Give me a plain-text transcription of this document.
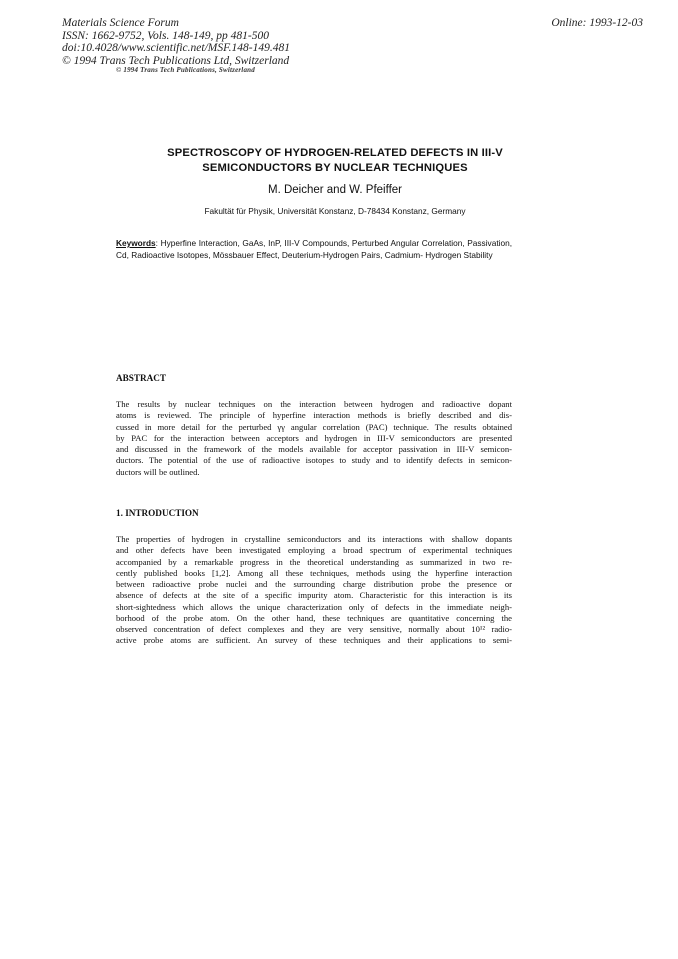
Materials Science Forum
ISSN: 1662-9752, Vols. 148-149, pp 481-500
doi:10.4028/www.scientific.net/MSF.148-149.481
© 1994 Trans Tech Publications Ltd, Switzerland
Online: 1993-12-03
© 1994 Trans Tech Publications, Switzerland
SPECTROSCOPY OF HYDROGEN-RELATED DEFECTS IN III-V
SEMICONDUCTORS BY NUCLEAR TECHNIQUES
M. Deicher and W. Pfeiffer
Fakultät für Physik, Universität Konstanz, D-78434 Konstanz, Germany
Keywords: Hyperfine Interaction, GaAs, InP, III-V Compounds, Perturbed Angular Correlation, Passivation, Cd, Radioactive Isotopes, Mössbauer Effect, Deuterium-Hydrogen Pairs, Cadmium- Hydrogen Stability
ABSTRACT
The results by nuclear techniques on the interaction between hydrogen and radioactive dopant
atoms is reviewed. The principle of hyperfine interaction methods is briefly described and dis-
cussed in more detail for the perturbed γγ angular correlation (PAC) technique. The results obtained
by PAC for the interaction between acceptors and hydrogen in III-V semiconductors are presented
and discussed in the framework of the models available for acceptor passivation in III-V semicon-
ductors. The potential of the use of radioactive isotopes to study and to identify defects in semicon-
ductors will be outlined.
1. INTRODUCTION
The properties of hydrogen in crystalline semiconductors and its interactions with shallow dopants
and other defects have been investigated employing a broad spectrum of experimental techniques
accompanied by a remarkable progress in the theoretical understanding as summarized in two re-
cently published books [1,2]. Among all these techniques, methods using the hyperfine interaction
between radioactive probe nuclei and the surrounding charge distribution probe the presence or
absence of defects at the site of a specific impurity atom. Characteristic for this interaction is its
short-sightedness which allows the unique characterization only of defects in the immediate neigh-
borhood of the probe atom. On the other hand, these techniques are quantitative concerning the
observed concentration of defect complexes and they are very sensitive, normally about 10¹² radio-
active probe atoms are sufficient. An survey of these techniques and their applications to semi-
